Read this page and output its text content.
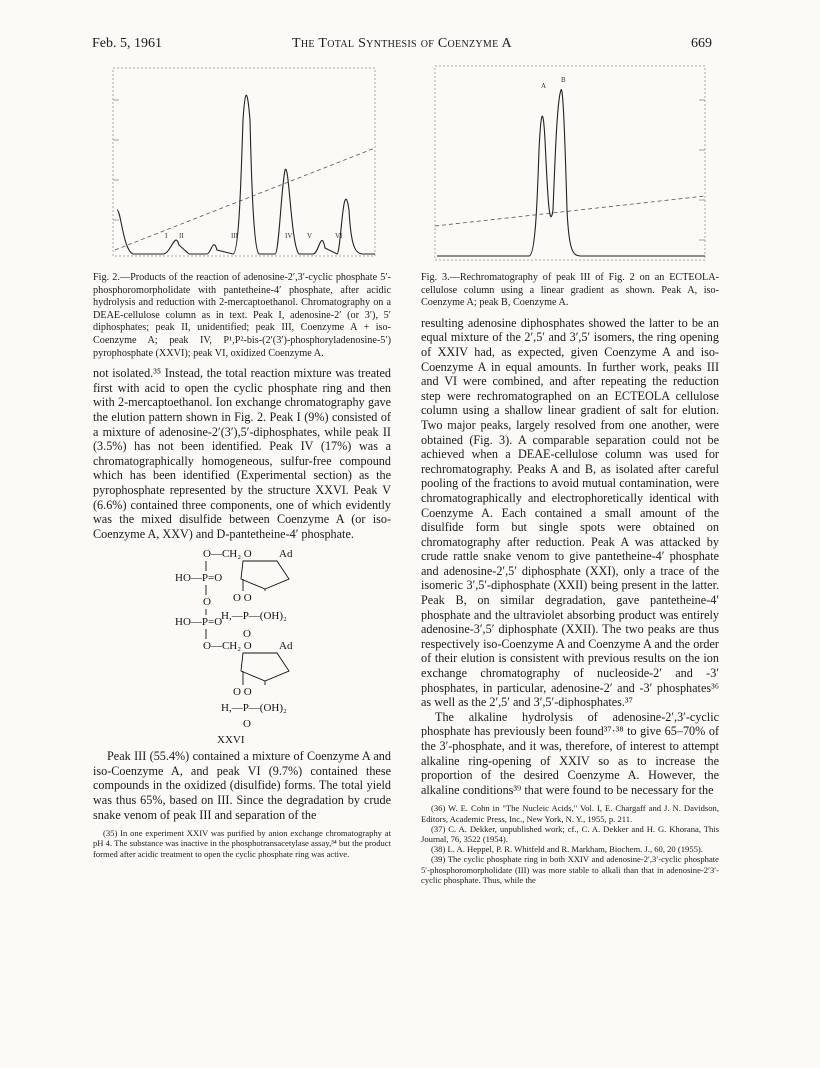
Feb. 5, 1961	The Total Synthesis of Coenzyme A	669
I II	III	IV V	VI

Fig. 2.—Products of the reaction of adenosine-2′,3′-cyclic phosphate 5′-phosphoromorpholidate with pantetheine-4′ phosphate, after acidic hydrolysis and reduction with 2-mercaptoethanol. Chromatography on a DEAE-cellulose column as in text. Peak I, adenosine-2′ (or 3′), 5′ diphosphates; peak II, unidentified; peak III, Coenzyme A + iso-Coenzyme A; peak IV, P¹,P²-bis-(2′(3′)-phosphoryladenosine-5′) pyrophosphate (XXVI); peak VI, oxidized Coenzyme A.

not isolated.³⁵ Instead, the total reaction mixture was treated first with acid to open the cyclic phosphate ring and then with 2-mercaptoethanol. Ion exchange chromatography gave the elution pattern shown in Fig. 2. Peak I (9%) consisted of a mixture of adenosine-2′(3′),5′-diphosphates, while peak II (3.5%) has not been identified. Peak IV (17%) was a chromatographically homogeneous, sulfur-free compound which has been identified (Experimental section) as the pyrophosphate represented by the structure XXVI. Peak V (6.6%) contained three components, one of which evidently was the mixed disulfide between Coenzyme A (or iso-Coenzyme A, XXV) and D-pantetheine-4′ phosphate.

O—CH₂ O Ad
HO—P=O
O O O
HO—P=O
H,—P—(OH)₂
O
O—CH₂ O Ad
O O
H,—P—(OH)₂
O
XXVI

Peak III (55.4%) contained a mixture of Coenzyme A and iso-Coenzyme A, and peak VI (9.7%) contained these compounds in the oxidized (disulfide) forms. The total yield was thus 65%, based on III. Since the degradation by crude snake venom of peak III and separation of the

(35) In one experiment XXIV was purified by anion exchange chromatography at pH 4. The substance was inactive in the phosphotransacetylase assay,³⁴ but the product formed after acidic treatment to open the cyclic phosphate ring was active.

A
B

Fig. 3.—Rechromatography of peak III of Fig. 2 on an ECTEOLA-cellulose column using a linear gradient as shown. Peak A, iso-Coenzyme A; peak B, Coenzyme A.

resulting adenosine diphosphates showed the latter to be an equal mixture of the 2′,5′ and 3′,5′ isomers, the ring opening of XXIV had, as expected, given Coenzyme A and iso-Coenzyme A in equal amounts. In further work, peaks III and VI were combined, and after repeating the reduction step were rechromatographed on an ECTEOLA cellulose column using a shallow linear gradient of salt for elution. Two major peaks, largely resolved from one another, were obtained (Fig. 3). A comparable separation could not be achieved when a DEAE-cellulose column was used for rechromatography. Peaks A and B, as isolated after careful pooling of the fractions to avoid mutual contamination, were chromatographically and electrophoretically identical with Coenzyme A. Each contained a small amount of the disulfide form but single spots were obtained on chromatography after reduction. Peak A was attacked by crude rattle snake venom to give pantetheine-4′ phosphate and adenosine-2′,5′ diphosphate (XXI), only a trace of the isomeric 3′,5′-diphosphate (XXII) being present in the latter. Peak B, on similar degradation, gave pantetheine-4′ phosphate and the ultraviolet absorbing product was entirely adenosine-3′,5′ diphosphate (XXII). The two peaks are thus respectively iso-Coenzyme A and Coenzyme A and the order of their elution is consistent with previous results on the ion exchange chromatography of nucleoside-2′ and -3′ phosphates, in particular, adenosine-2′ and -3′ phosphates³⁶ as well as the 2′,5′ and 3′,5′-diphosphates.³⁷

The alkaline hydrolysis of adenosine-2′,3′-cyclic phosphate has previously been found³⁷·³⁸ to give 65–70% of the 3′-phosphate, and it was, therefore, of interest to attempt alkaline ring-opening of XXIV so as to increase the proportion of the desired Coenzyme A. However, the alkaline conditions³⁹ that were found to be necessary for the

(36) W. E. Cohn in "The Nucleic Acids," Vol. I, E. Chargaff and J. N. Davidson, Editors, Academic Press, Inc., New York, N. Y., 1955, p. 211.

(37) C. A. Dekker, unpublished work; cf., C. A. Dekker and H. G. Khorana, This Journal, 76, 3522 (1954).

(38) L. A. Heppel, P. R. Whitfeld and R. Markham, Biochem. J., 60, 20 (1955).

(39) The cyclic phosphate ring in both XXIV and adenosine-2′,3′-cyclic phosphate 5′-phosphoromorpholidate (III) was more stable to alkali than that in adenosine-2′3′-cyclic phosphate. Thus, while the
